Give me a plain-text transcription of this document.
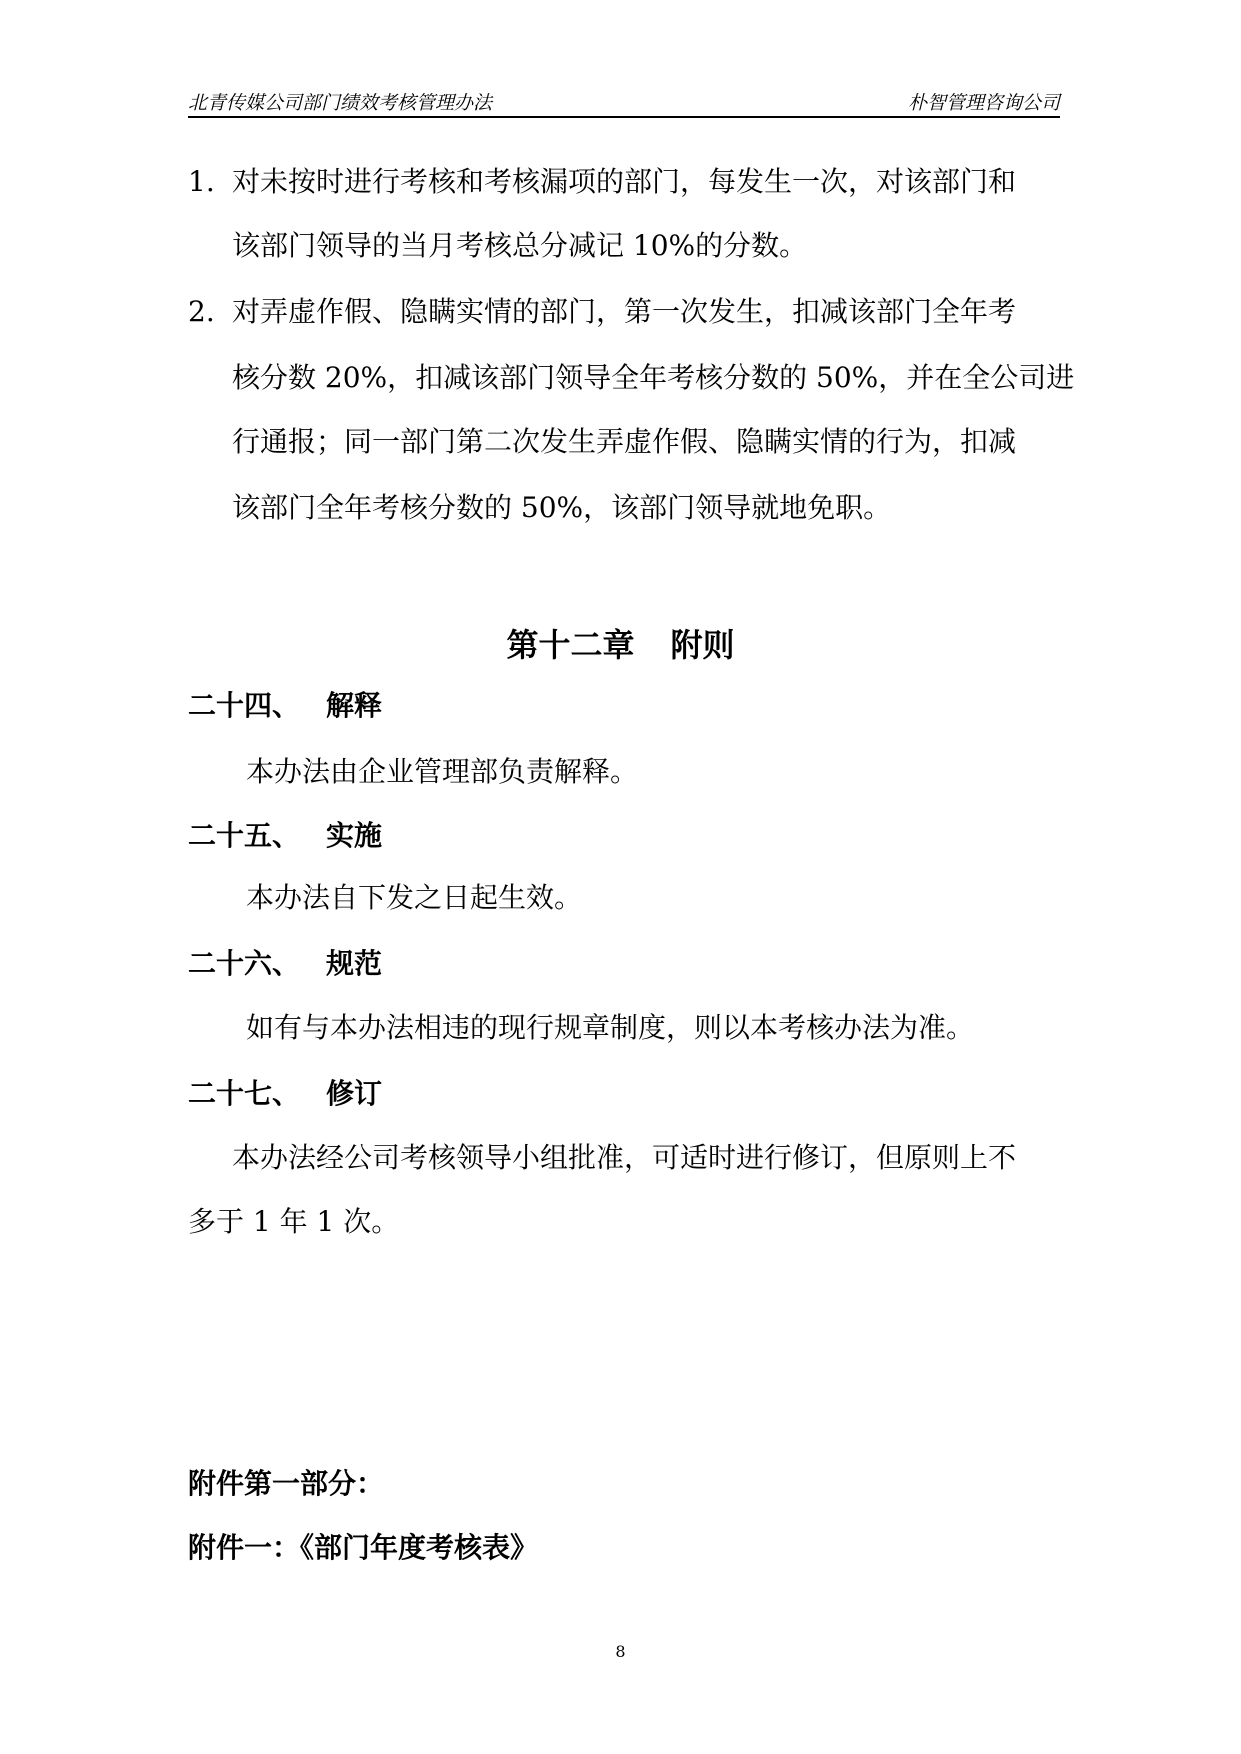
北青传媒公司部门绩效考核管理办法	朴智管理咨询公司
1. 对未按时进行考核和考核漏项的部门，每发生一次，对该部门和
该部门领导的当月考核总分减记 10%的分数。
2. 对弄虚作假、隐瞒实情的部门，第一次发生，扣减该部门全年考
核分数 20%，扣减该部门领导全年考核分数的 50%，并在全公司进
行通报；同一部门第二次发生弄虚作假、隐瞒实情的行为，扣减
该部门全年考核分数的 50%，该部门领导就地免职。
第十二章 附则
二十四、 解释
本办法由企业管理部负责解释。
二十五、 实施
本办法自下发之日起生效。
二十六、 规范
如有与本办法相违的现行规章制度，则以本考核办法为准。
二十七、 修订
本办法经公司考核领导小组批准，可适时进行修订，但原则上不
多于 1 年 1 次。
附件第一部分：
附件一：《部门年度考核表》
8
